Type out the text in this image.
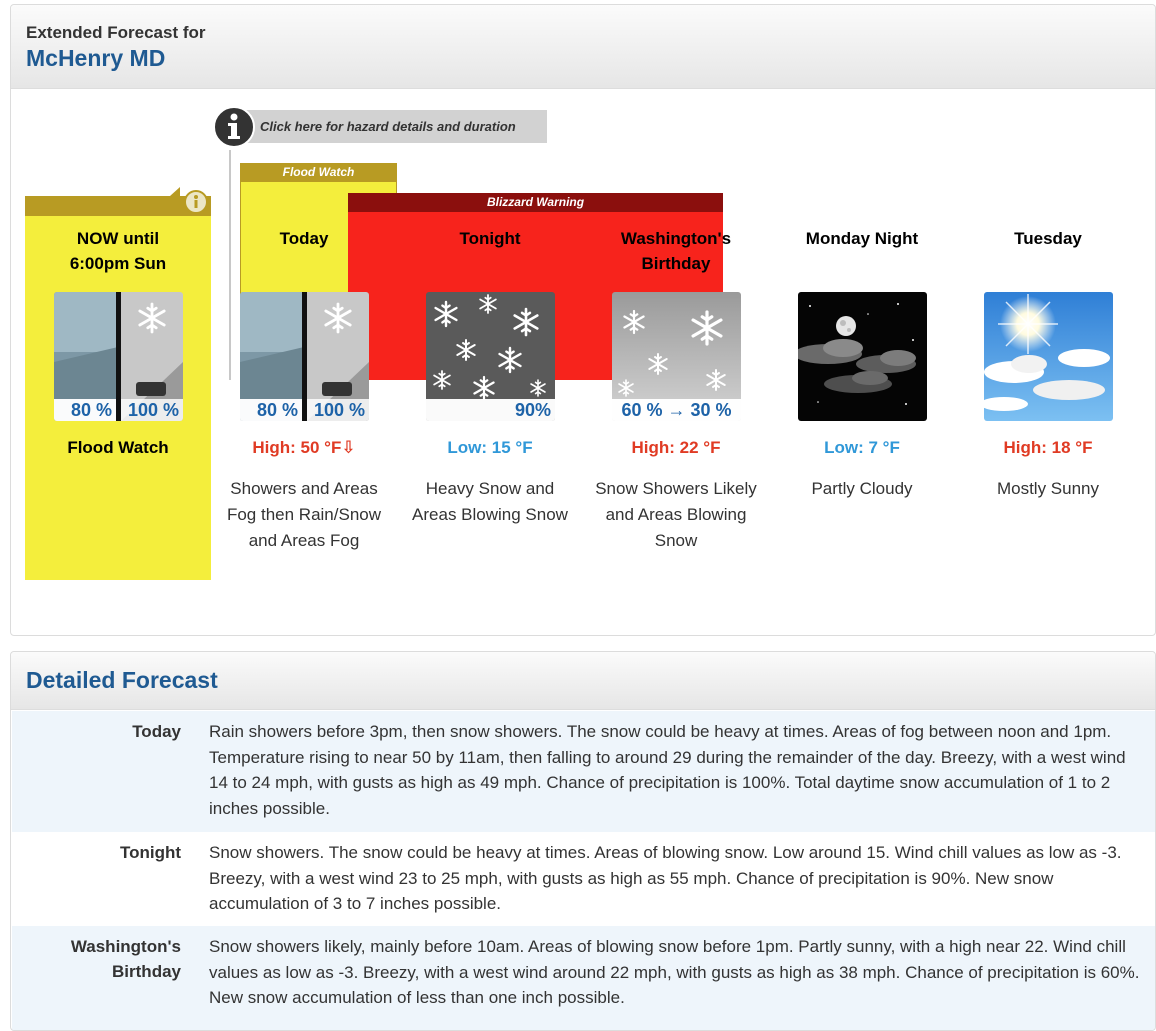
Extended Forecast for
McHenry MD
Click here for hazard details and duration
Flood Watch
Blizzard Warning
NOW until 6:00pm Sun
80 % 100 %
Flood Watch
Today
80 % 100 %
High: 50 °F⇩
Showers and Areas Fog then Rain/Snow and Areas Fog
Tonight
90%
Low: 15 °F
Heavy Snow and Areas Blowing Snow
Washington's Birthday
60 % → 30 %
High: 22 °F
Snow Showers Likely and Areas Blowing Snow
Monday Night
Low: 7 °F
Partly Cloudy
Tuesday
High: 18 °F
Mostly Sunny
Detailed Forecast
Today Rain showers before 3pm, then snow showers. The snow could be heavy at times. Areas of fog between noon and 1pm. Temperature rising to near 50 by 11am, then falling to around 29 during the remainder of the day. Breezy, with a west wind 14 to 24 mph, with gusts as high as 49 mph. Chance of precipitation is 100%. Total daytime snow accumulation of 1 to 2 inches possible.
Tonight Snow showers. The snow could be heavy at times. Areas of blowing snow. Low around 15. Wind chill values as low as -3. Breezy, with a west wind 23 to 25 mph, with gusts as high as 55 mph. Chance of precipitation is 90%. New snow accumulation of 3 to 7 inches possible.
Washington's Birthday
Snow showers likely, mainly before 10am. Areas of blowing snow before 1pm. Partly sunny, with a high near 22. Wind chill values as low as -3. Breezy, with a west wind around 22 mph, with gusts as high as 38 mph. Chance of precipitation is 60%. New snow accumulation of less than one inch possible.
